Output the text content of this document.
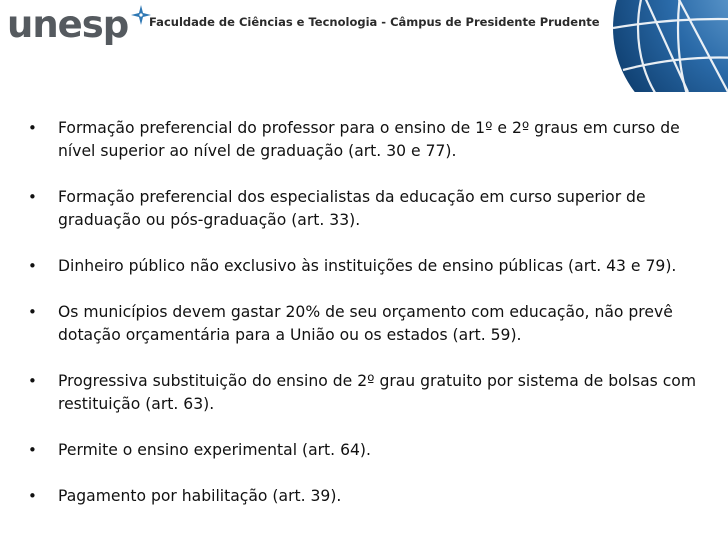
unesp Faculdade de Ciências e Tecnologia - Câmpus de Presidente Prudente
•	Formação preferencial do professor para o ensino de 1º e 2º graus em curso de nível superior ao nível de graduação (art. 30 e 77).
•	Formação preferencial dos especialistas da educação em curso superior de graduação ou pós-graduação (art. 33).
•	Dinheiro público não exclusivo às instituições de ensino públicas (art. 43 e 79).
•	Os municípios devem gastar 20% de seu orçamento com educação, não prevê dotação orçamentária para a União ou os estados (art. 59).
•	Progressiva substituição do ensino de 2º grau gratuito por sistema de bolsas com restituição (art. 63).
•	Permite o ensino experimental (art. 64).
•	Pagamento por habilitação (art. 39).
